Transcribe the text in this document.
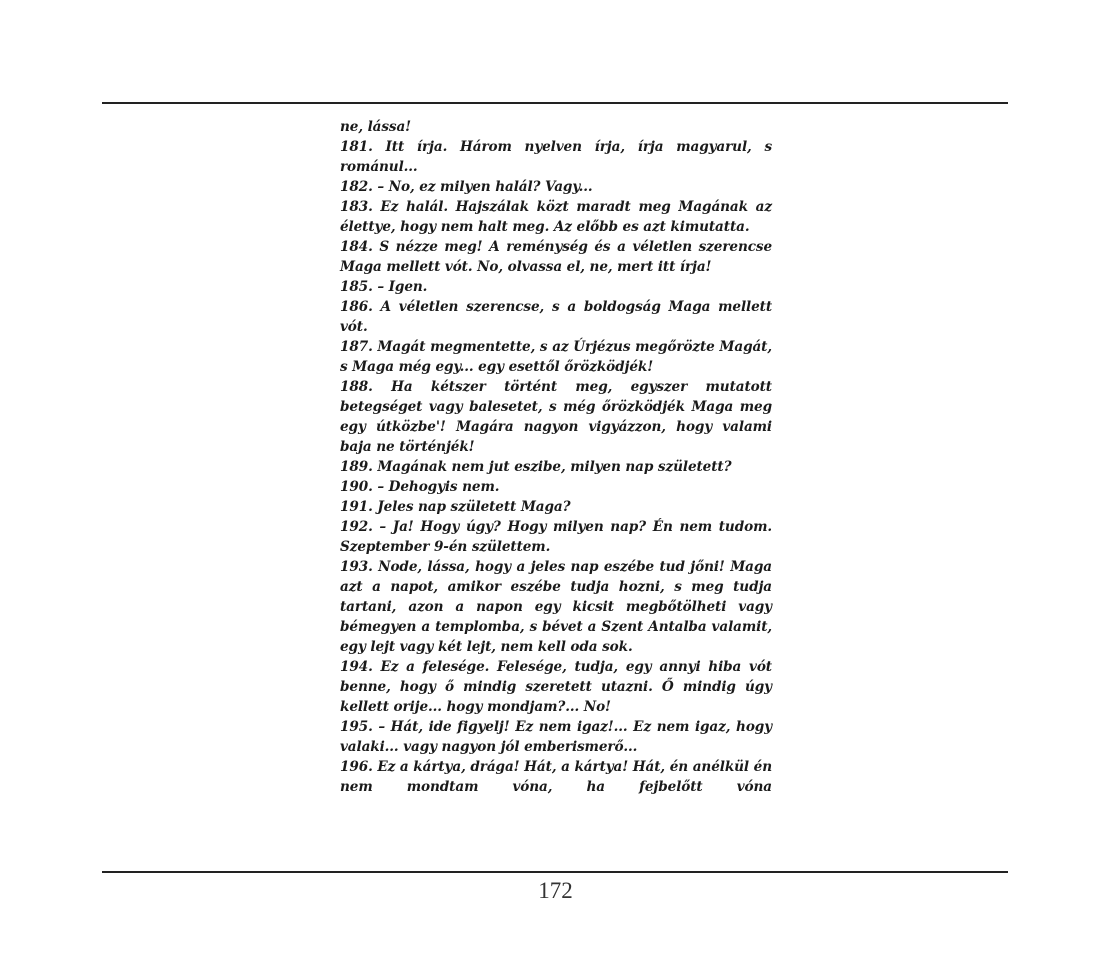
ne, lássa!

181. Itt írja. Három nyelven írja, írja magyarul, s románul...

182. – No, ez milyen halál? Vagy...

183. Ez halál. Hajszálak közt maradt meg Magának az élettye, hogy nem halt meg. Az előbb es azt kimutatta.

184. S nézze meg! A reménység és a véletlen szerencse Maga mellett vót. No, olvassa el, ne, mert itt írja!

185. – Igen.

186. A véletlen szerencse, s a boldogság Maga mellett vót.

187. Magát megmentette, s az Úrjézus megőrözte Magát, s Maga még egy... egy esettől őrözködjék!

188. Ha kétszer történt meg, egyszer mutatott betegséget vagy balesetet, s még őrözködjék Maga meg egy útközbe'! Magára nagyon vigyázzon, hogy valami baja ne történjék!

189. Magának nem jut eszibe, milyen nap született?

190. – Dehogyis nem.

191. Jeles nap született Maga?

192. – Ja! Hogy úgy? Hogy milyen nap? Én nem tudom. Szeptember 9-én születtem.

193. Node, lássa, hogy a jeles nap eszébe tud jőni! Maga azt a napot, amikor eszébe tudja hozni, s meg tudja tartani, azon a napon egy kicsit megbőtölheti vagy bémegyen a templomba, s bévet a Szent Antalba valamit, egy lejt vagy két lejt, nem kell oda sok.

194. Ez a felesége. Felesége, tudja, egy annyi hiba vót benne, hogy ő mindig szeretett utazni. Ő mindig úgy kellett orije... hogy mondjam?... No!

195. – Hát, ide figyelj! Ez nem igaz!... Ez nem igaz, hogy valaki... vagy nagyon jól emberismerő...

196. Ez a kártya, drága! Hát, a kártya! Hát, én anélkül én nem mondtam vóna, ha fejbelőtt vóna

172
